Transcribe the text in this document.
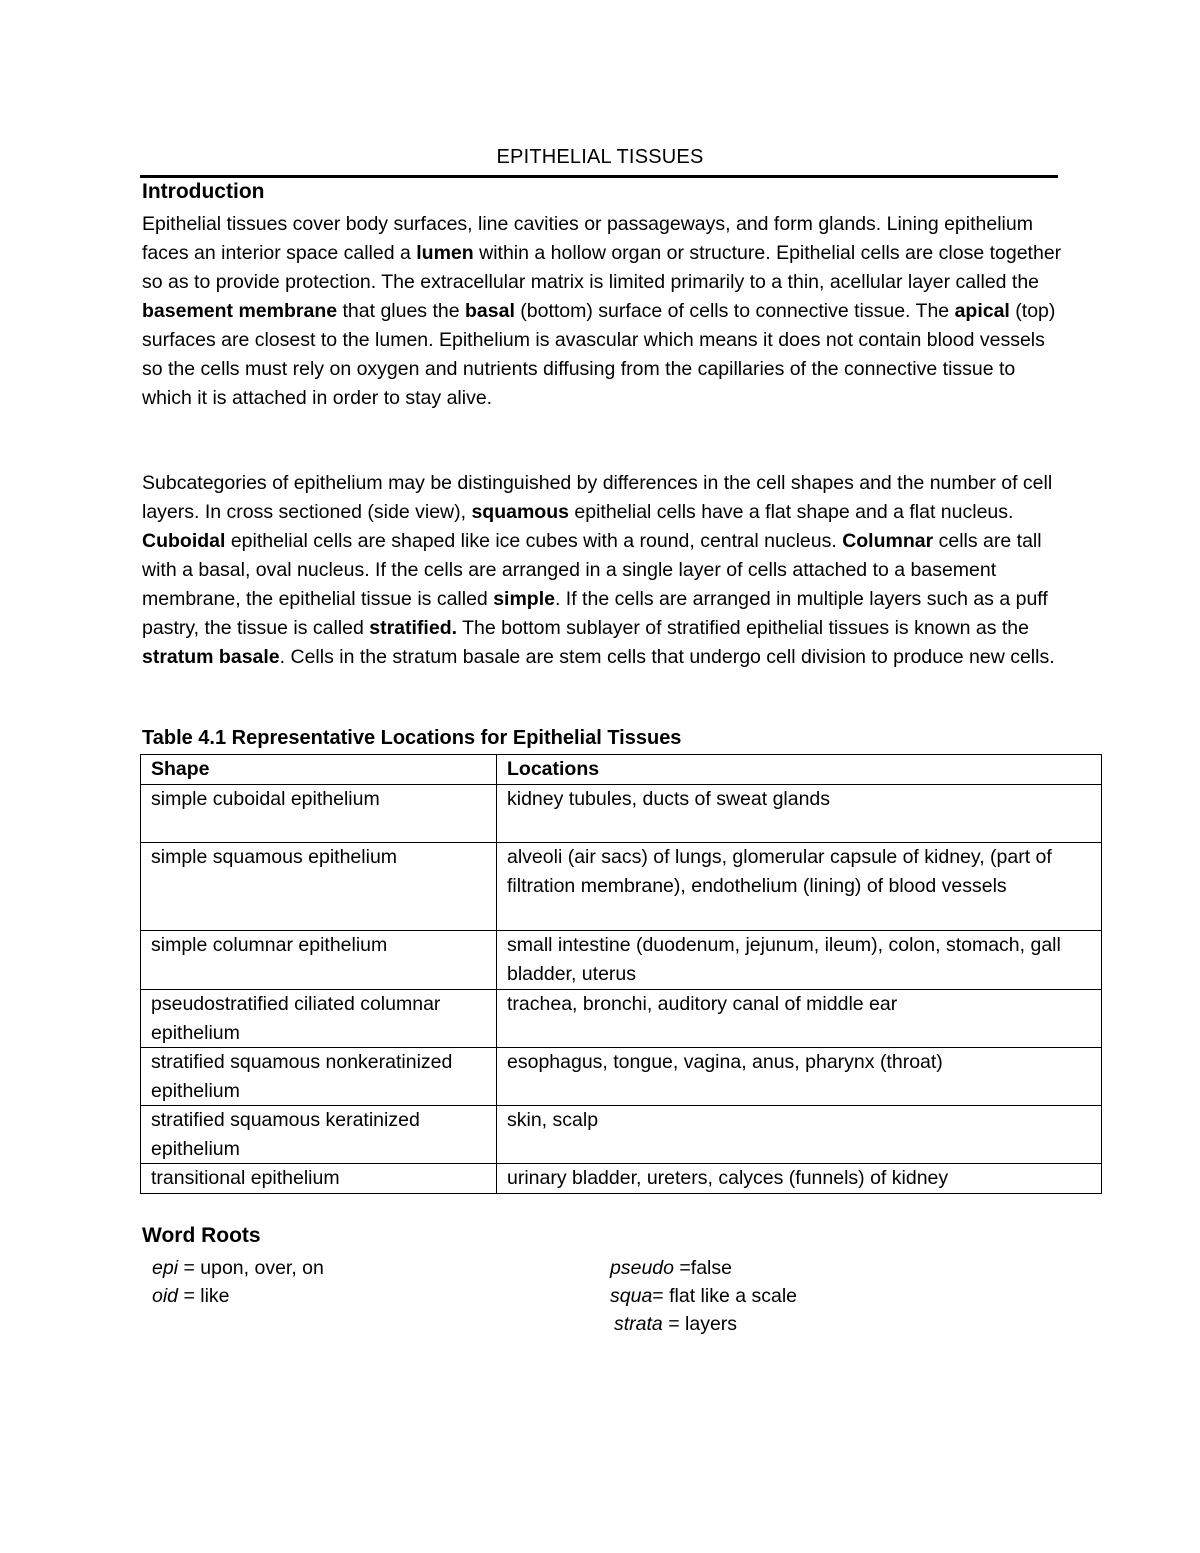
EPITHELIAL TISSUES
Introduction

Epithelial tissues cover body surfaces, line cavities or passageways, and form glands. Lining epithelium faces an interior space called a lumen within a hollow organ or structure. Epithelial cells are close together so as to provide protection. The extracellular matrix is limited primarily to a thin, acellular layer called the basement membrane that glues the basal (bottom) surface of cells to connective tissue. The apical (top) surfaces are closest to the lumen. Epithelium is avascular which means it does not contain blood vessels so the cells must rely on oxygen and nutrients diffusing from the capillaries of the connective tissue to which it is attached in order to stay alive.

Subcategories of epithelium may be distinguished by differences in the cell shapes and the number of cell layers. In cross sectioned (side view), squamous epithelial cells have a flat shape and a flat nucleus. Cuboidal epithelial cells are shaped like ice cubes with a round, central nucleus. Columnar cells are tall with a basal, oval nucleus. If the cells are arranged in a single layer of cells attached to a basement membrane, the epithelial tissue is called simple. If the cells are arranged in multiple layers such as a puff pastry, the tissue is called stratified. The bottom sublayer of stratified epithelial tissues is known as the stratum basale. Cells in the stratum basale are stem cells that undergo cell division to produce new cells.

Table 4.1 Representative Locations for Epithelial Tissues
Shape	Locations
simple cuboidal epithelium	kidney tubules, ducts of sweat glands
simple squamous epithelium	alveoli (air sacs) of lungs, glomerular capsule of kidney, (part of filtration membrane), endothelium (lining) of blood vessels
simple columnar epithelium	small intestine (duodenum, jejunum, ileum), colon, stomach, gall bladder, uterus
pseudostratified ciliated columnar epithelium	trachea, bronchi, auditory canal of middle ear
stratified squamous nonkeratinized epithelium	esophagus, tongue, vagina, anus, pharynx (throat)
stratified squamous keratinized epithelium	skin, scalp
transitional epithelium	urinary bladder, ureters, calyces (funnels) of kidney
Word Roots
epi = upon, over, on
oid = like
pseudo =false
squa= flat like a scale
strata = layers
